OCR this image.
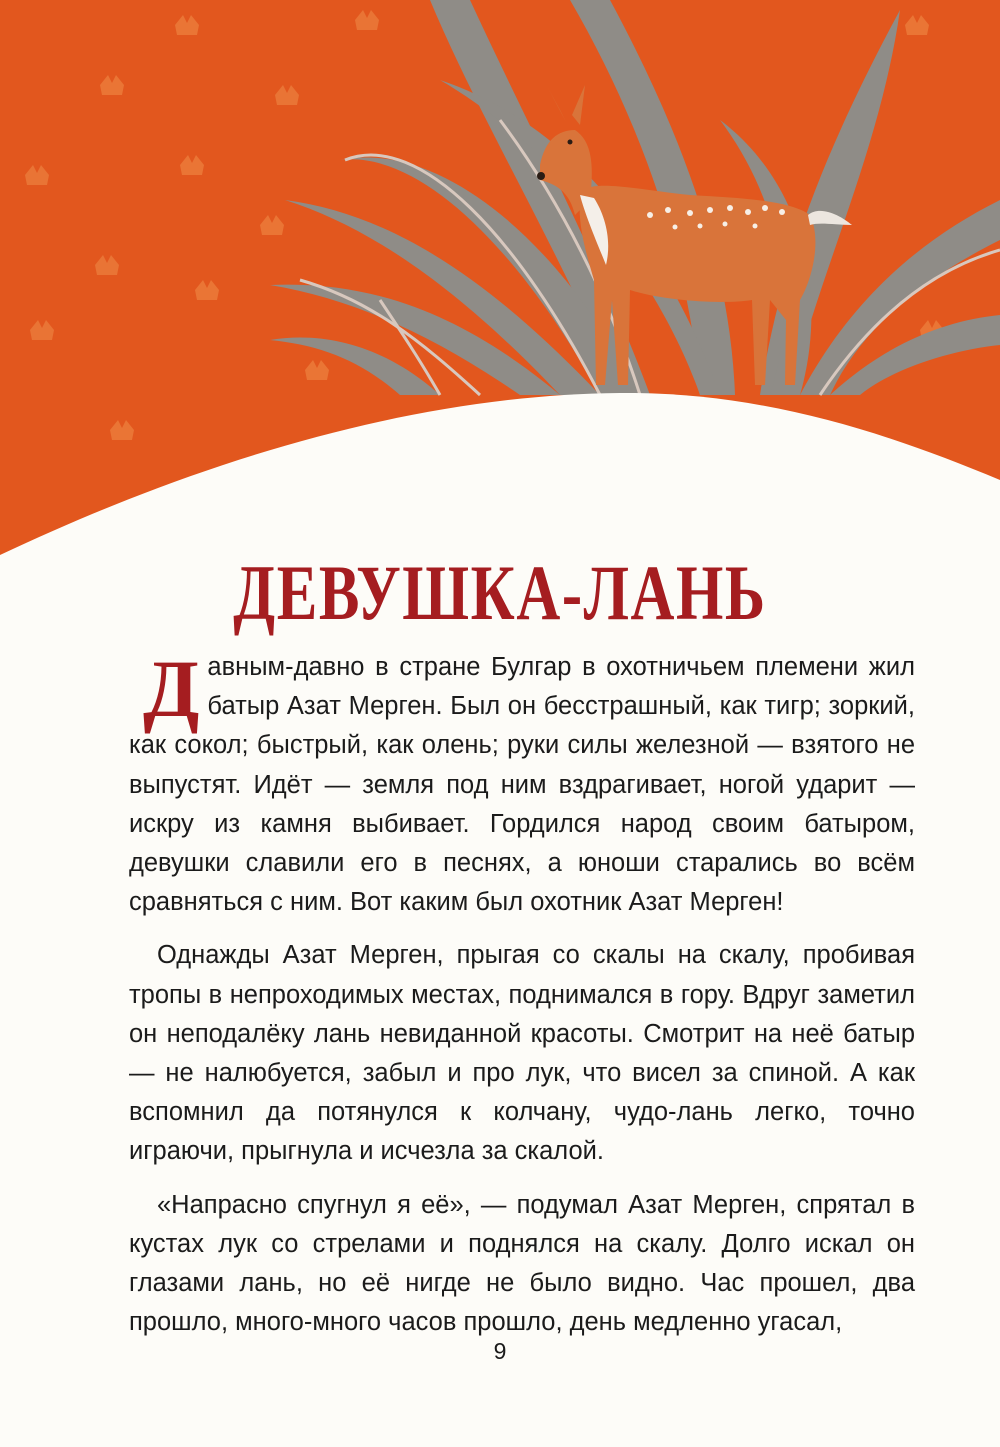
ДЕВУШКА-ЛАНЬ

Давным-давно в стране Булгар в охотничьем племени жил батыр Азат Мерген. Был он бесстрашный, как тигр; зоркий, как сокол; быстрый, как олень; руки силы железной — взятого не выпустят. Идёт — земля под ним вздрагивает, ногой ударит — искру из камня выбивает. Гордился народ своим батыром, девушки славили его в песнях, а юноши старались во всём сравняться с ним. Вот каким был охотник Азат Мерген!

Однажды Азат Мерген, прыгая со скалы на скалу, пробивая тропы в непроходимых местах, поднимался в гору. Вдруг заметил он неподалёку лань невиданной красоты. Смотрит на неё батыр — не налюбуется, забыл и про лук, что висел за спиной. А как вспомнил да потянулся к колчану, чудо-лань легко, точно играючи, прыгнула и исчезла за скалой.

«Напрасно спугнул я её», — подумал Азат Мерген, спрятал в кустах лук со стрелами и поднялся на скалу. Долго искал он глазами лань, но её нигде не было видно. Час прошел, два прошло, много-много часов прошло, день медленно угасал,

9
